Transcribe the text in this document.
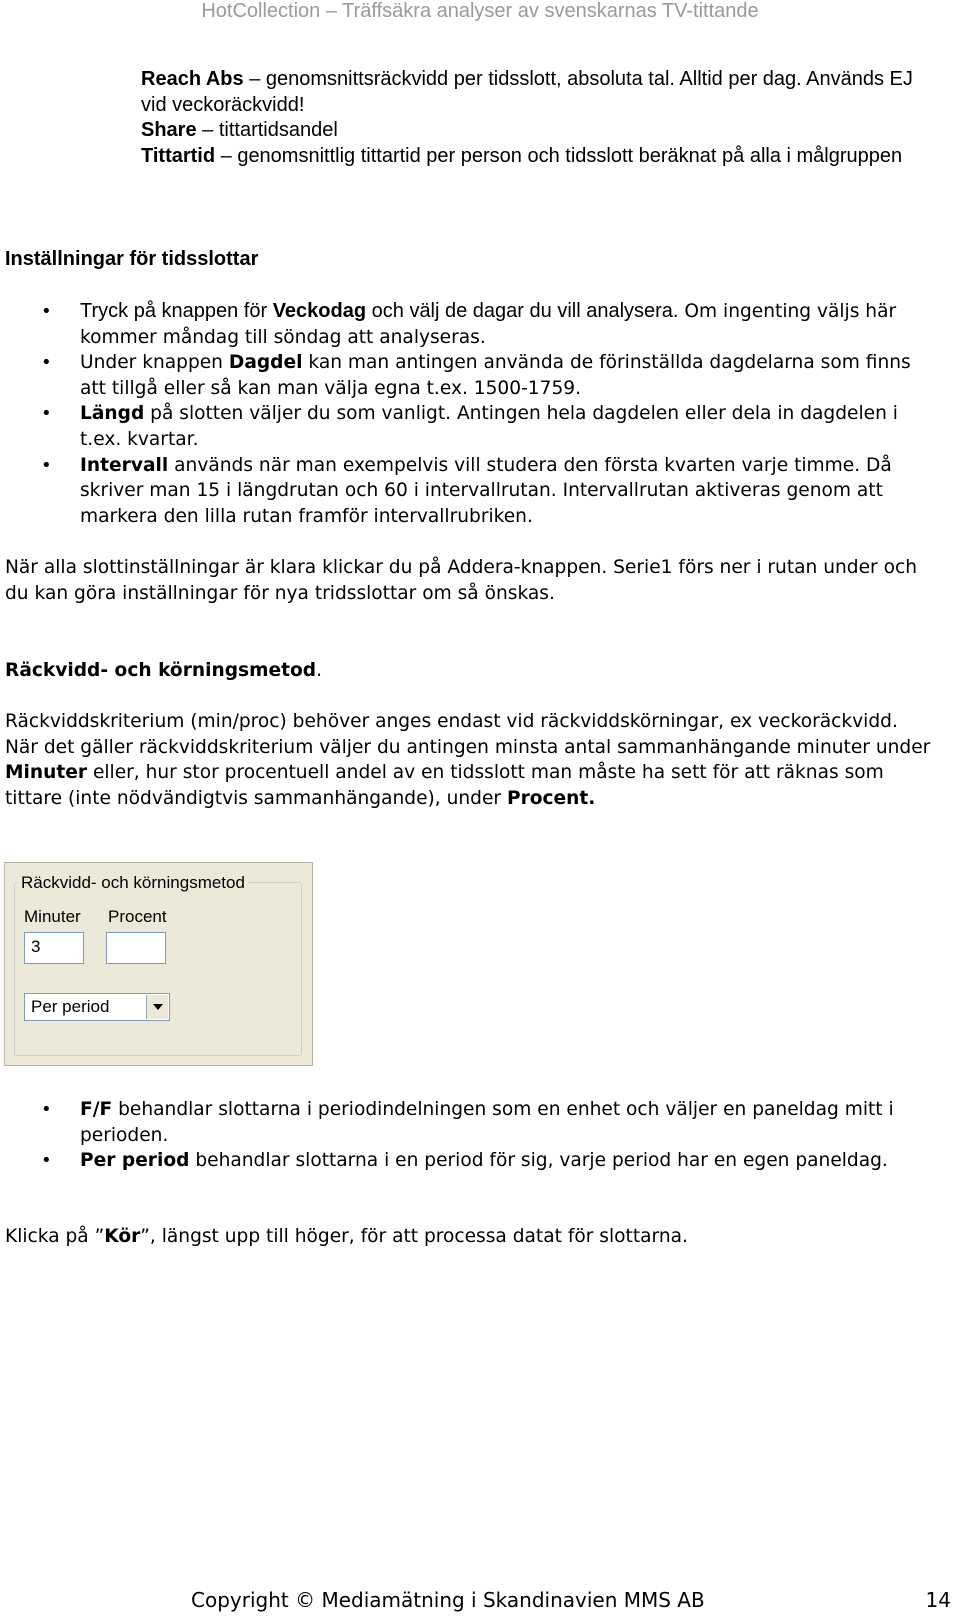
HotCollection – Träffsäkra analyser av svenskarnas TV-tittande
Reach Abs – genomsnittsräckvidd per tidsslott, absoluta tal. Alltid per dag. Används EJ vid veckoräckvidd!
Share – tittartidsandel
Tittartid – genomsnittlig tittartid per person och tidsslott beräknat på alla i målgruppen
Inställningar för tidsslottar
• Tryck på knappen för Veckodag och välj de dagar du vill analysera. Om ingenting väljs här kommer måndag till söndag att analyseras.
• Under knappen Dagdel kan man antingen använda de förinställda dagdelarna som finns att tillgå eller så kan man välja egna t.ex. 1500-1759.
• Längd på slotten väljer du som vanligt. Antingen hela dagdelen eller dela in dagdelen i t.ex. kvartar.
• Intervall används när man exempelvis vill studera den första kvarten varje timme. Då skriver man 15 i längdrutan och 60 i intervallrutan. Intervallrutan aktiveras genom att markera den lilla rutan framför intervallrubriken.
När alla slottinställningar är klara klickar du på Addera-knappen. Serie1 förs ner i rutan under och du kan göra inställningar för nya tridsslottar om så önskas.
Räckvidd- och körningsmetod.
Räckviddskriterium (min/proc) behöver anges endast vid räckviddskörningar, ex veckoräckvidd.
När det gäller räckviddskriterium väljer du antingen minsta antal sammanhängande minuter under Minuter eller, hur stor procentuell andel av en tidsslott man måste ha sett för att räknas som tittare (inte nödvändigtvis sammanhängande), under Procent.
Räckvidd- och körningsmetod
Minuter Procent
3
Per period
• F/F behandlar slottarna i periodindelningen som en enhet och väljer en paneldag mitt i perioden.
• Per period behandlar slottarna i en period för sig, varje period har en egen paneldag.
Klicka på ”Kör”, längst upp till höger, för att processa datat för slottarna.
Copyright © Mediamätning i Skandinavien MMS AB	14
